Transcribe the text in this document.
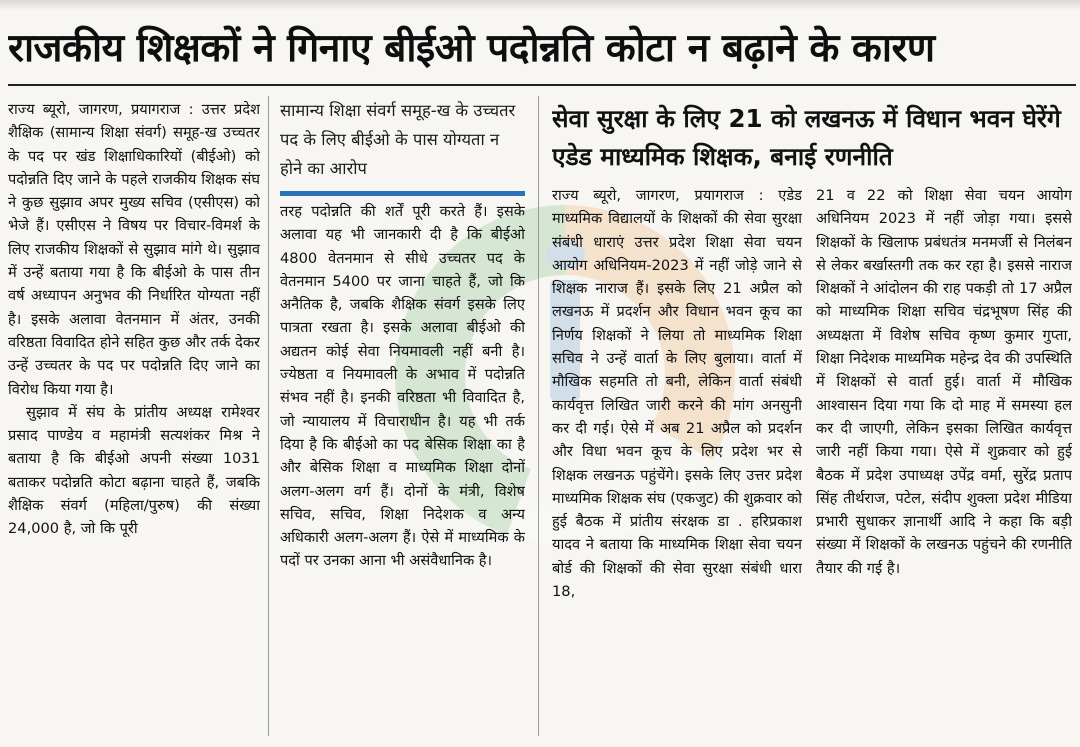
राजकीय शिक्षकों ने गिनाए बीईओ पदोन्नति कोटा न बढ़ाने के कारण

राज्य ब्यूरो, जागरण, प्रयागराज : उत्तर प्रदेश शैक्षिक (सामान्य शिक्षा संवर्ग) समूह-ख उच्चतर के पद पर खंड शिक्षाधिकारियों (बीईओ) को पदोन्नति दिए जाने के पहले राजकीय शिक्षक संघ ने कुछ सुझाव अपर मुख्य सचिव (एसीएस) को भेजे हैं। एसीएस ने विषय पर विचार-विमर्श के लिए राजकीय शिक्षकों से सुझाव मांगे थे। सुझाव में उन्हें बताया गया है कि बीईओ के पास तीन वर्ष अध्यापन अनुभव की निर्धारित योग्यता नहीं है। इसके अलावा वेतनमान में अंतर, उनकी वरिष्ठता विवादित होने सहित कुछ और तर्क देकर उन्हें उच्चतर के पद पर पदोन्नति दिए जाने का विरोध किया गया है।

सुझाव में संघ के प्रांतीय अध्यक्ष रामेश्वर प्रसाद पाण्डेय व महामंत्री सत्यशंकर मिश्र ने बताया है कि बीईओ अपनी संख्या 1031 बताकर पदोन्नति कोटा बढ़ाना चाहते हैं, जबकि शैक्षिक संवर्ग (महिला/पुरुष) की संख्या 24,000 है, जो कि पूरी

सामान्य शिक्षा संवर्ग समूह-ख के उच्चतर पद के लिए बीईओ के पास योग्यता न होने का आरोप

तरह पदोन्नति की शर्तें पूरी करते हैं। इसके अलावा यह भी जानकारी दी है कि बीईओ 4800 वेतनमान से सीधे उच्चतर पद के वेतनमान 5400 पर जाना चाहते हैं, जो कि अनैतिक है, जबकि शैक्षिक संवर्ग इसके लिए पात्रता रखता है। इसके अलावा बीईओ की अद्यतन कोई सेवा नियमावली नहीं बनी है। ज्येष्ठता व नियमावली के अभाव में पदोन्नति संभव नहीं है। इनकी वरिष्ठता भी विवादित है, जो न्यायालय में विचाराधीन है। यह भी तर्क दिया है कि बीईओ का पद बेसिक शिक्षा का है और बेसिक शिक्षा व माध्यमिक शिक्षा दोनों अलग-अलग वर्ग हैं। दोनों के मंत्री, विशेष सचिव, सचिव, शिक्षा निदेशक व अन्य अधिकारी अलग-अलग हैं। ऐसे में माध्यमिक के पदों पर उनका आना भी असंवैधानिक है।

सेवा सुरक्षा के लिए 21 को लखनऊ में विधान भवन घेरेंगे एडेड माध्यमिक शिक्षक, बनाई रणनीति

राज्य ब्यूरो, जागरण, प्रयागराज : एडेड माध्यमिक विद्यालयों के शिक्षकों की सेवा सुरक्षा संबंधी धाराएं उत्तर प्रदेश शिक्षा सेवा चयन आयोग अधिनियम-2023 में नहीं जोड़े जाने से शिक्षक नाराज हैं। इसके लिए 21 अप्रैल को लखनऊ में प्रदर्शन और विधान भवन कूच का निर्णय शिक्षकों ने लिया तो माध्यमिक शिक्षा सचिव ने उन्हें वार्ता के लिए बुलाया। वार्ता में मौखिक सहमति तो बनी, लेकिन वार्ता संबंधी कार्यवृत्त लिखित जारी करने की मांग अनसुनी कर दी गई। ऐसे में अब 21 अप्रैल को प्रदर्शन और विधा भवन कूच के लिए प्रदेश भर से शिक्षक लखनऊ पहुंचेंगे। इसके लिए उत्तर प्रदेश माध्यमिक शिक्षक संघ (एकजुट) की शुक्रवार को हुई बैठक में प्रांतीय संरक्षक डा . हरिप्रकाश यादव ने बताया कि माध्यमिक शिक्षा सेवा चयन बोर्ड की शिक्षकों की सेवा सुरक्षा संबंधी धारा 18,

21 व 22 को शिक्षा सेवा चयन आयोग अधिनियम 2023 में नहीं जोड़ा गया। इससे शिक्षकों के खिलाफ प्रबंधतंत्र मनमर्जी से निलंबन से लेकर बर्खास्तगी तक कर रहा है। इससे नाराज शिक्षकों ने आंदोलन की राह पकड़ी तो 17 अप्रैल को माध्यमिक शिक्षा सचिव चंद्रभूषण सिंह की अध्यक्षता में विशेष सचिव कृष्ण कुमार गुप्ता, शिक्षा निदेशक माध्यमिक महेन्द्र देव की उपस्थिति में शिक्षकों से वार्ता हुई। वार्ता में मौखिक आश्वासन दिया गया कि दो माह में समस्या हल कर दी जाएगी, लेकिन इसका लिखित कार्यवृत्त जारी नहीं किया गया। ऐसे में शुक्रवार को हुई बैठक में प्रदेश उपाध्यक्ष उपेंद्र वर्मा, सुरेंद्र प्रताप सिंह तीर्थराज, पटेल, संदीप शुक्ला प्रदेश मीडिया प्रभारी सुधाकर ज्ञानार्थी आदि ने कहा कि बड़ी संख्या में शिक्षकों के लखनऊ पहुंचने की रणनीति तैयार की गई है।
